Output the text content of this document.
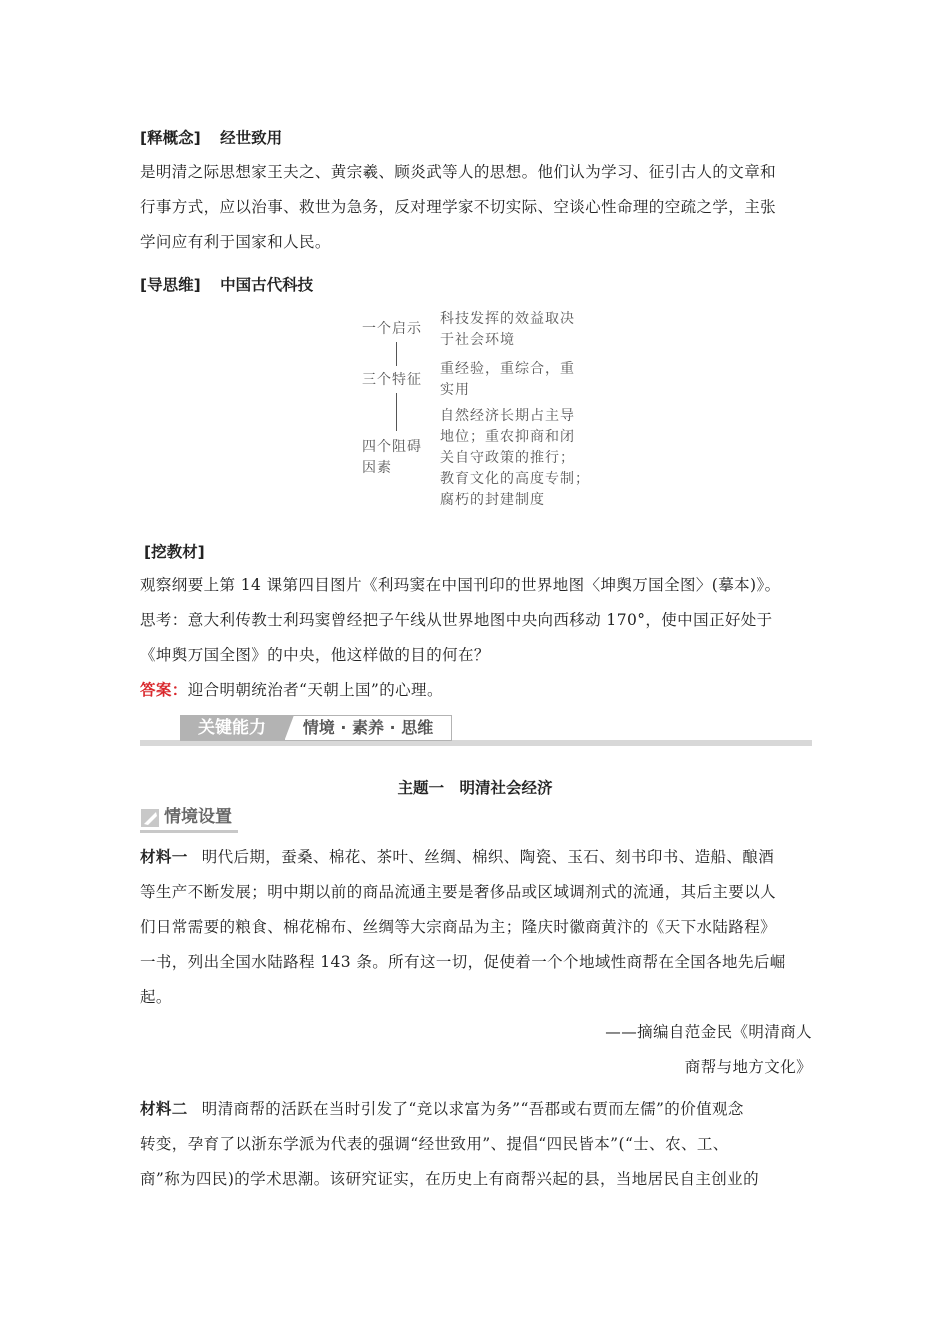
[释概念] 经世致用
是明清之际思想家王夫之、黄宗羲、顾炎武等人的思想。他们认为学习、征引古人的文章和
行事方式，应以治事、救世为急务，反对理学家不切实际、空谈心性命理的空疏之学，主张
学问应有利于国家和人民。
[导思维] 中国古代科技
一个启示
科技发挥的效益取决
于社会环境
三个特征
重经验，重综合，重
实用
四个阻碍
因素
自然经济长期占主导
地位；重农抑商和闭
关自守政策的推行；
教育文化的高度专制；
腐朽的封建制度
[挖教材]
观察纲要上第 14 课第四目图片《利玛窦在中国刊印的世界地图〈坤舆万国全图〉(摹本)》。
思考：意大利传教士利玛窦曾经把子午线从世界地图中央向西移动 170°，使中国正好处于
《坤舆万国全图》的中央，他这样做的目的何在？
答案：迎合明朝统治者“天朝上国”的心理。
关键能力	情境 · 素养 · 思维
主题一　明清社会经济
情境设置
材料一 明代后期，蚕桑、棉花、茶叶、丝绸、棉织、陶瓷、玉石、刻书印书、造船、酿酒
等生产不断发展；明中期以前的商品流通主要是奢侈品或区域调剂式的流通，其后主要以人
们日常需要的粮食、棉花棉布、丝绸等大宗商品为主；隆庆时徽商黄汴的《天下水陆路程》
一书，列出全国水陆路程 143 条。所有这一切，促使着一个个地域性商帮在全国各地先后崛
起。
——摘编自范金民《明清商人
商帮与地方文化》
材料二 明清商帮的活跃在当时引发了“竞以求富为务”“吾郡或右贾而左儒”的价值观念
转变，孕育了以浙东学派为代表的强调“经世致用”、提倡“四民皆本”(“士、农、工、
商”称为四民)的学术思潮。该研究证实，在历史上有商帮兴起的县，当地居民自主创业的
